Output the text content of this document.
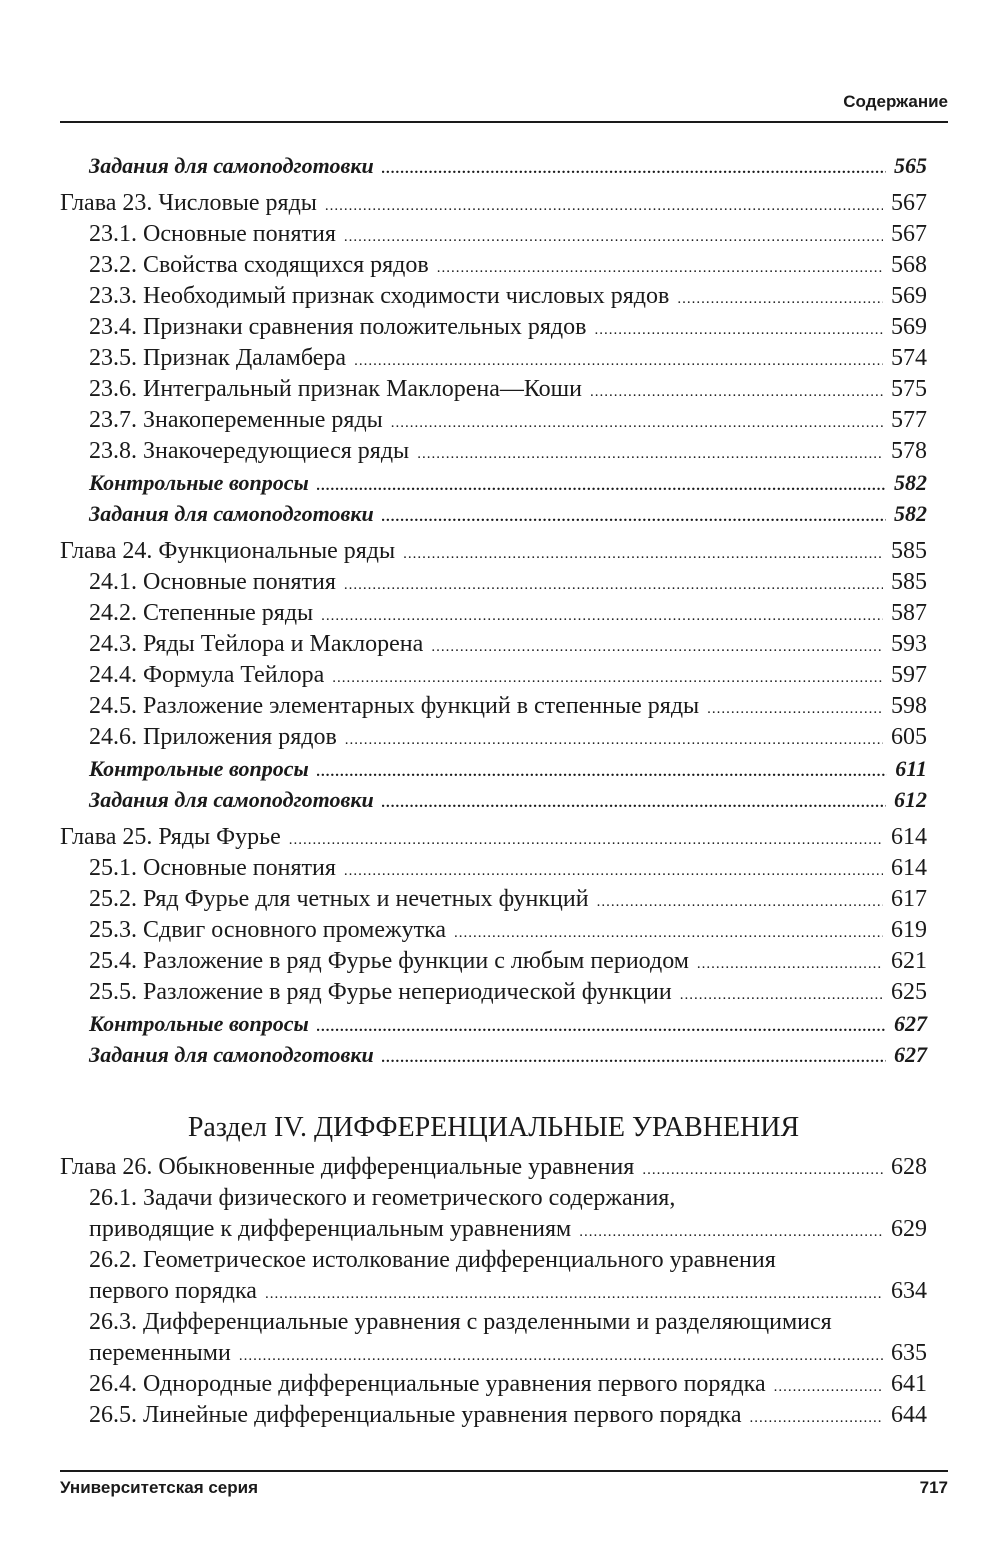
Содержание
Задания для самоподготовки .....	565
Глава 23. Числовые ряды .....	567
23.1. Основные понятия .....	567
23.2. Свойства сходящихся рядов .....	568
23.3. Необходимый признак сходимости числовых рядов .....	569
23.4. Признаки сравнения положительных рядов .....	569
23.5. Признак Даламбера .....	574
23.6. Интегральный признак Маклорена—Коши .....	575
23.7. Знакопеременные ряды .....	577
23.8. Знакочередующиеся ряды .....	578
Контрольные вопросы .....	582
Задания для самоподготовки .....	582
Глава 24. Функциональные ряды .....	585
24.1. Основные понятия .....	585
24.2. Степенные ряды .....	587
24.3. Ряды Тейлора и Маклорена .....	593
24.4. Формула Тейлора .....	597
24.5. Разложение элементарных функций в степенные ряды .....	598
24.6. Приложения рядов .....	605
Контрольные вопросы .....	611
Задания для самоподготовки .....	612
Глава 25. Ряды Фурье .....	614
25.1. Основные понятия .....	614
25.2. Ряд Фурье для четных и нечетных функций .....	617
25.3. Сдвиг основного промежутка .....	619
25.4. Разложение в ряд Фурье функции с любым периодом .....	621
25.5. Разложение в ряд Фурье непериодической функции .....	625
Контрольные вопросы .....	627
Задания для самоподготовки .....	627
Раздел IV. ДИФФЕРЕНЦИАЛЬНЫЕ УРАВНЕНИЯ
Глава 26. Обыкновенные дифференциальные уравнения .....	628
26.1. Задачи физического и геометрического содержания,
приводящие к дифференциальным уравнениям .....	629
26.2. Геометрическое истолкование дифференциального уравнения
первого порядка .....	634
26.3. Дифференциальные уравнения с разделенными и разделяющимися
переменными .....	635
26.4. Однородные дифференциальные уравнения первого порядка .....	641
26.5. Линейные дифференциальные уравнения первого порядка .....	644
Университетская серия	717
